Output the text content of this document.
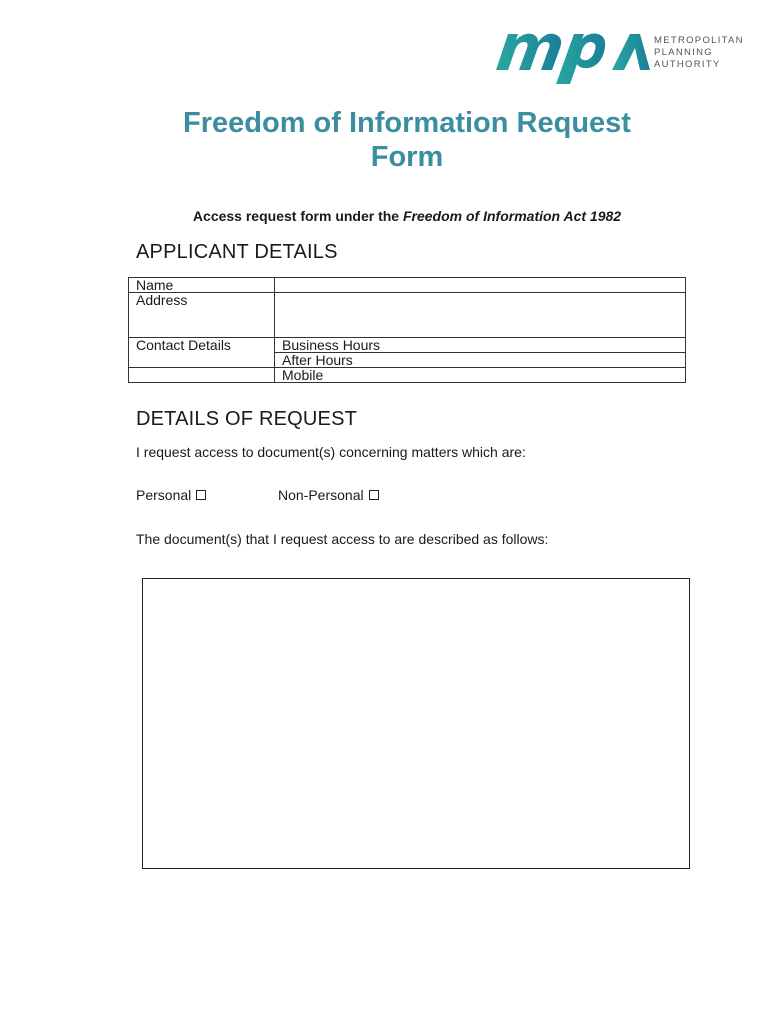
METROPOLITAN
PLANNING
AUTHORITY
Freedom of Information Request
Form
Access request form under the Freedom of Information Act 1982
APPLICANT DETAILS
Name	
Address	
Contact Details	Business Hours
	After Hours
	Mobile
DETAILS OF REQUEST
I request access to document(s) concerning matters which are:
Personal	Non-Personal
The document(s) that I request access to are described as follows:
